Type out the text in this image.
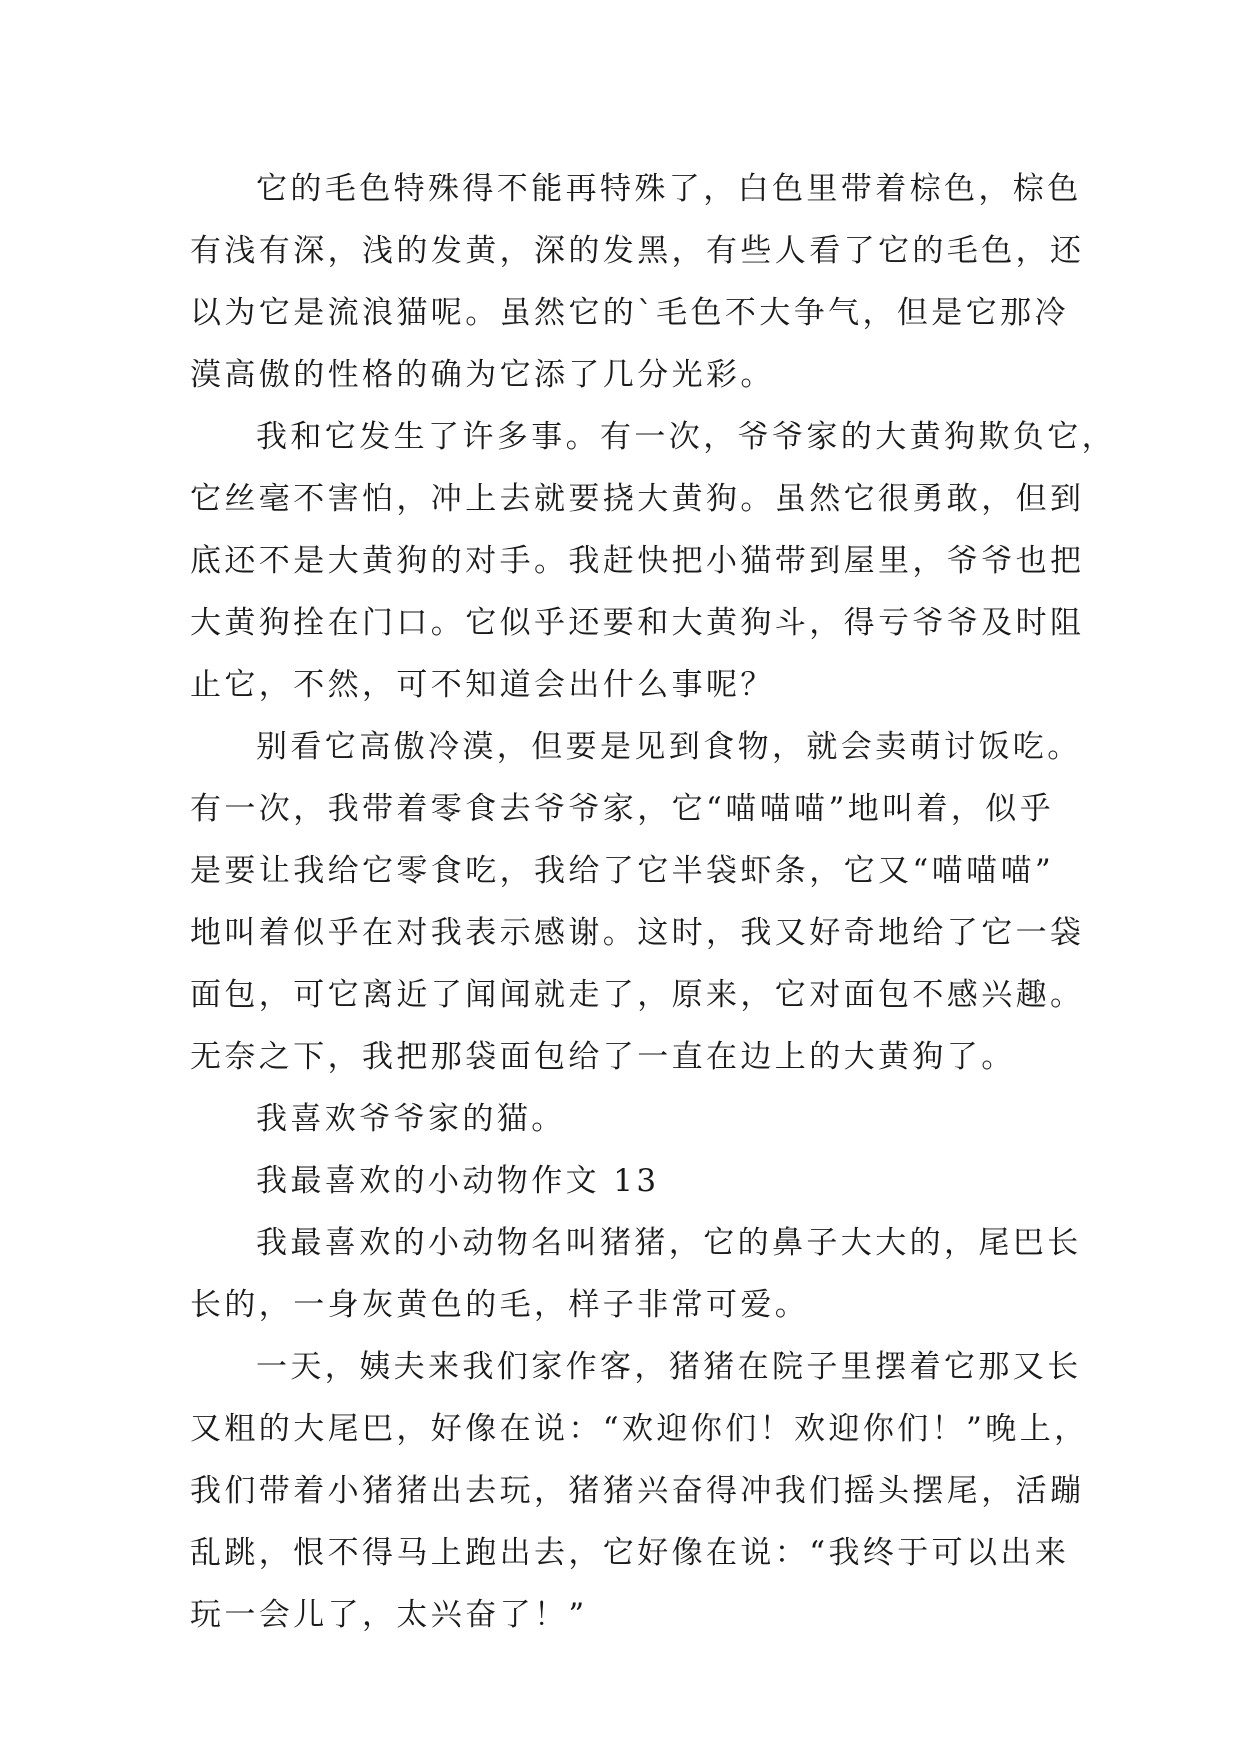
它的毛色特殊得不能再特殊了，白色里带着棕色，棕色
有浅有深，浅的发黄，深的发黑，有些人看了它的毛色，还
以为它是流浪猫呢。虽然它的`毛色不大争气，但是它那冷
漠高傲的性格的确为它添了几分光彩。
我和它发生了许多事。有一次，爷爷家的大黄狗欺负它，
它丝毫不害怕，冲上去就要挠大黄狗。虽然它很勇敢，但到
底还不是大黄狗的对手。我赶快把小猫带到屋里，爷爷也把
大黄狗拴在门口。它似乎还要和大黄狗斗，得亏爷爷及时阻
止它，不然，可不知道会出什么事呢？
别看它高傲冷漠，但要是见到食物，就会卖萌讨饭吃。
有一次，我带着零食去爷爷家，它“喵喵喵”地叫着，似乎
是要让我给它零食吃，我给了它半袋虾条，它又“喵喵喵”
地叫着似乎在对我表示感谢。这时，我又好奇地给了它一袋
面包，可它离近了闻闻就走了，原来，它对面包不感兴趣。
无奈之下，我把那袋面包给了一直在边上的大黄狗了。
我喜欢爷爷家的猫。
我最喜欢的小动物作文 13
我最喜欢的小动物名叫猪猪，它的鼻子大大的，尾巴长
长的，一身灰黄色的毛，样子非常可爱。
一天，姨夫来我们家作客，猪猪在院子里摆着它那又长
又粗的大尾巴，好像在说：“欢迎你们！欢迎你们！”晚上，
我们带着小猪猪出去玩，猪猪兴奋得冲我们摇头摆尾，活蹦
乱跳，恨不得马上跑出去，它好像在说：“我终于可以出来
玩一会儿了，太兴奋了！”
